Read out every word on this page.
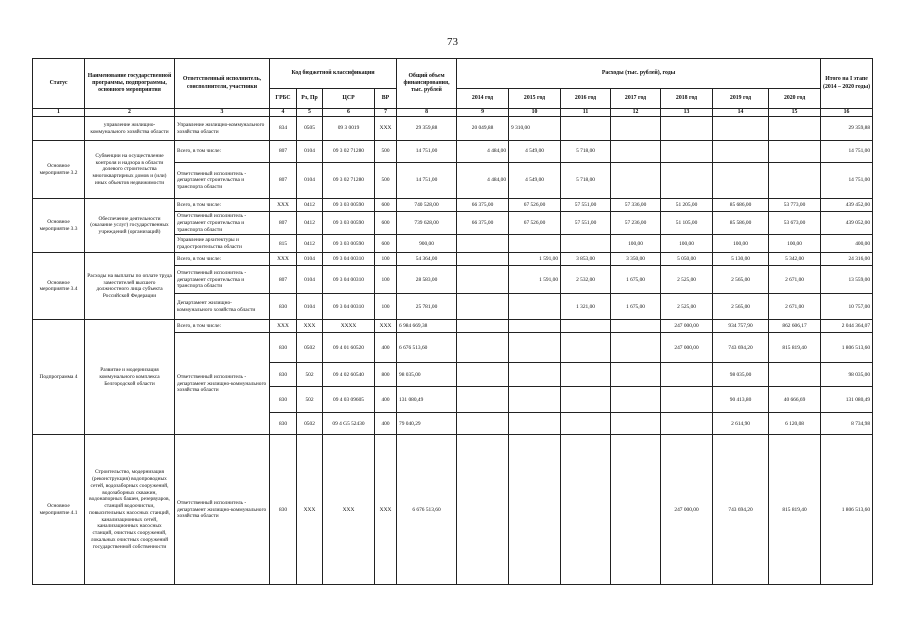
73
Статус	Наименование государственной программы, подпрограммы, основного мероприятия	Ответственный исполнитель, соисполнители, участники	Код бюджетной классификации				Общий объем финансирования, тыс. рублей	Расходы (тыс. рублей), годы							Итого на I этапе (2014 – 2020 годы)
			ГРБС	Рз, Пр	ЦСР	ВР		2014 год	2015 год	2016 год	2017 год	2018 год	2019 год	2020 год	
1	2	3	4	5	6	7	8	9	10	11	12	13	14	15	16
	управление жилищно-коммунального хозяйства области	Управление жилищно-коммунального хозяйства области	834	0505	09 3 0019	ХХХ	29 359,88	20 049,88	9 310,00						29 359,88
Основное мероприятие 3.2	Субвенции на осуществление контроля и надзора в области долевого строительства многоквартирных домов и (или) иных объектов недвижимости	Всего, в том числе:	807	0104	09 3 02 71280	500	14 751,00	4 484,00	4 549,00	5 718,00					14 751,00
		Ответственный исполнитель - департамент строительства и транспорта области	807	0104	09 3 02 71280	500	14 751,00	4 484,00	4 549,00	5 718,00					14 751,00
Основное мероприятие 3.3	Обеспечение деятельности (оказание услуг) государственных учреждений (организаций)	Всего, в том числе:	ХХХ	0412	09 3 03 00590	600	740 528,00	66 375,00	67 526,00	57 551,00	57 336,00	51 205,00	85 686,00	53 773,00	439 452,00
		Ответственный исполнитель - департамент строительства и транспорта области	807	0412	09 3 03 00590	600	739 628,00	66 375,00	67 526,00	57 551,00	57 236,00	51 105,00	85 586,00	53 673,00	439 052,00
		Управление архитектуры и градостроительства области	815	0412	09 3 03 00590	600	900,00				100,00	100,00	100,00	100,00	400,00
Основное мероприятие 3.4	Расходы на выплаты по оплате труда заместителей высшего должностного лица субъекта Российской Федерации	Всего, в том числе:	ХХХ	0104	09 3 04 00310	100	54 364,00		1 591,00	3 853,00	3 350,00	5 050,00	5 130,00	5 342,00	24 316,00
		Ответственный исполнитель - департамент строительства и транспорта области	807	0104	09 3 04 00310	100	28 583,00		1 591,00	2 532,00	1 675,00	2 525,00	2 565,00	2 671,00	13 559,00
		Департамент жилищно-коммунального хозяйства области	830	0104	09 3 04 00310	100	25 781,00			1 321,00	1 675,00	2 525,00	2 565,00	2 671,00	10 757,00
Подпрограмма 4	Развитие и модернизация коммунального комплекса Белгородской области	Всего, в том числе:	ХХХ	ХХХ	ХХХХ	ХХХ	6 984 669,38					247 000,00	934 757,90	862 606,17	2 044 364,07
		Ответственный исполнитель - департамент жилищно-коммунального хозяйства области	830	0502	09 4 01 60520	400	6 676 513,60					247 000,00	743 694,20	815 819,40	1 806 513,60
			830	502	09 4 02 60540	800	98 035,00						98 035,00		98 035,00
			830	502	09 4 03 09605	400	131 080,49						90 413,80	40 666,69	131 080,49
			830	0502	09 4 G5 52430	400	79 040,29						2 614,90	6 120,08	8 734,98
Основное мероприятие 4.1	Строительство, модернизация (реконструкция) водопроводных сетей, водозаборных сооружений, водозаборных скважин, водонапорных башен, резервуаров, станций водоочистки, повысительных насосных станций, канализационных сетей, канализационных насосных станций, очистных сооружений, локальных очистных сооружений государственной собственности	Ответственный исполнитель - департамент жилищно-коммунального хозяйства области	830	ХХХ	ХХХ	ХХХ	6 676 513,60					247 000,00	743 694,20	815 819,40	1 806 513,60
